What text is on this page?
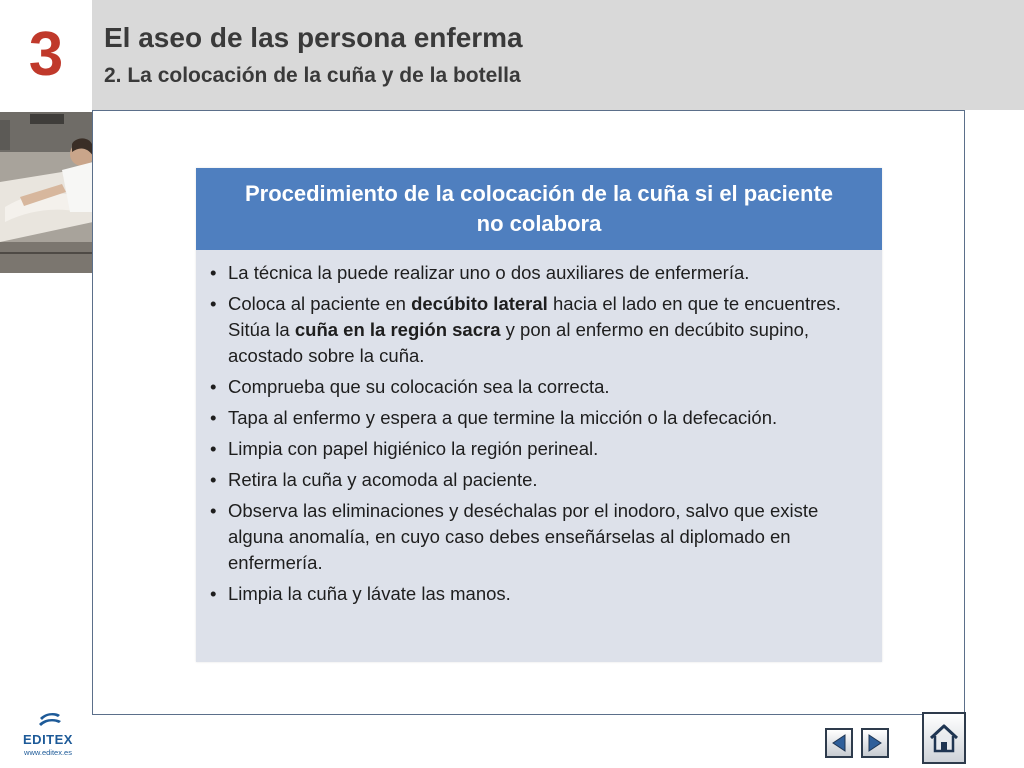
3 El aseo de las persona enferma
2. La colocación de la cuña y de la botella
Procedimiento de la colocación de la cuña si el paciente no colabora
• La técnica la puede realizar uno o dos auxiliares de enfermería.
• Coloca al paciente en decúbito lateral hacia el lado en que te encuentres. Sitúa la cuña en la región sacra y pon al enfermo en decúbito supino, acostado sobre la cuña.
• Comprueba que su colocación sea la correcta.
• Tapa al enfermo y espera a que termine la micción o la defecación.
• Limpia con papel higiénico la región perineal.
• Retira la cuña y acomoda al paciente.
• Observa las eliminaciones y deséchalas por el inodoro, salvo que existe alguna anomalía, en cuyo caso debes enseñárselas al diplomado en enfermería.
• Limpia la cuña y lávate las manos.
EDITEX
www.editex.es
